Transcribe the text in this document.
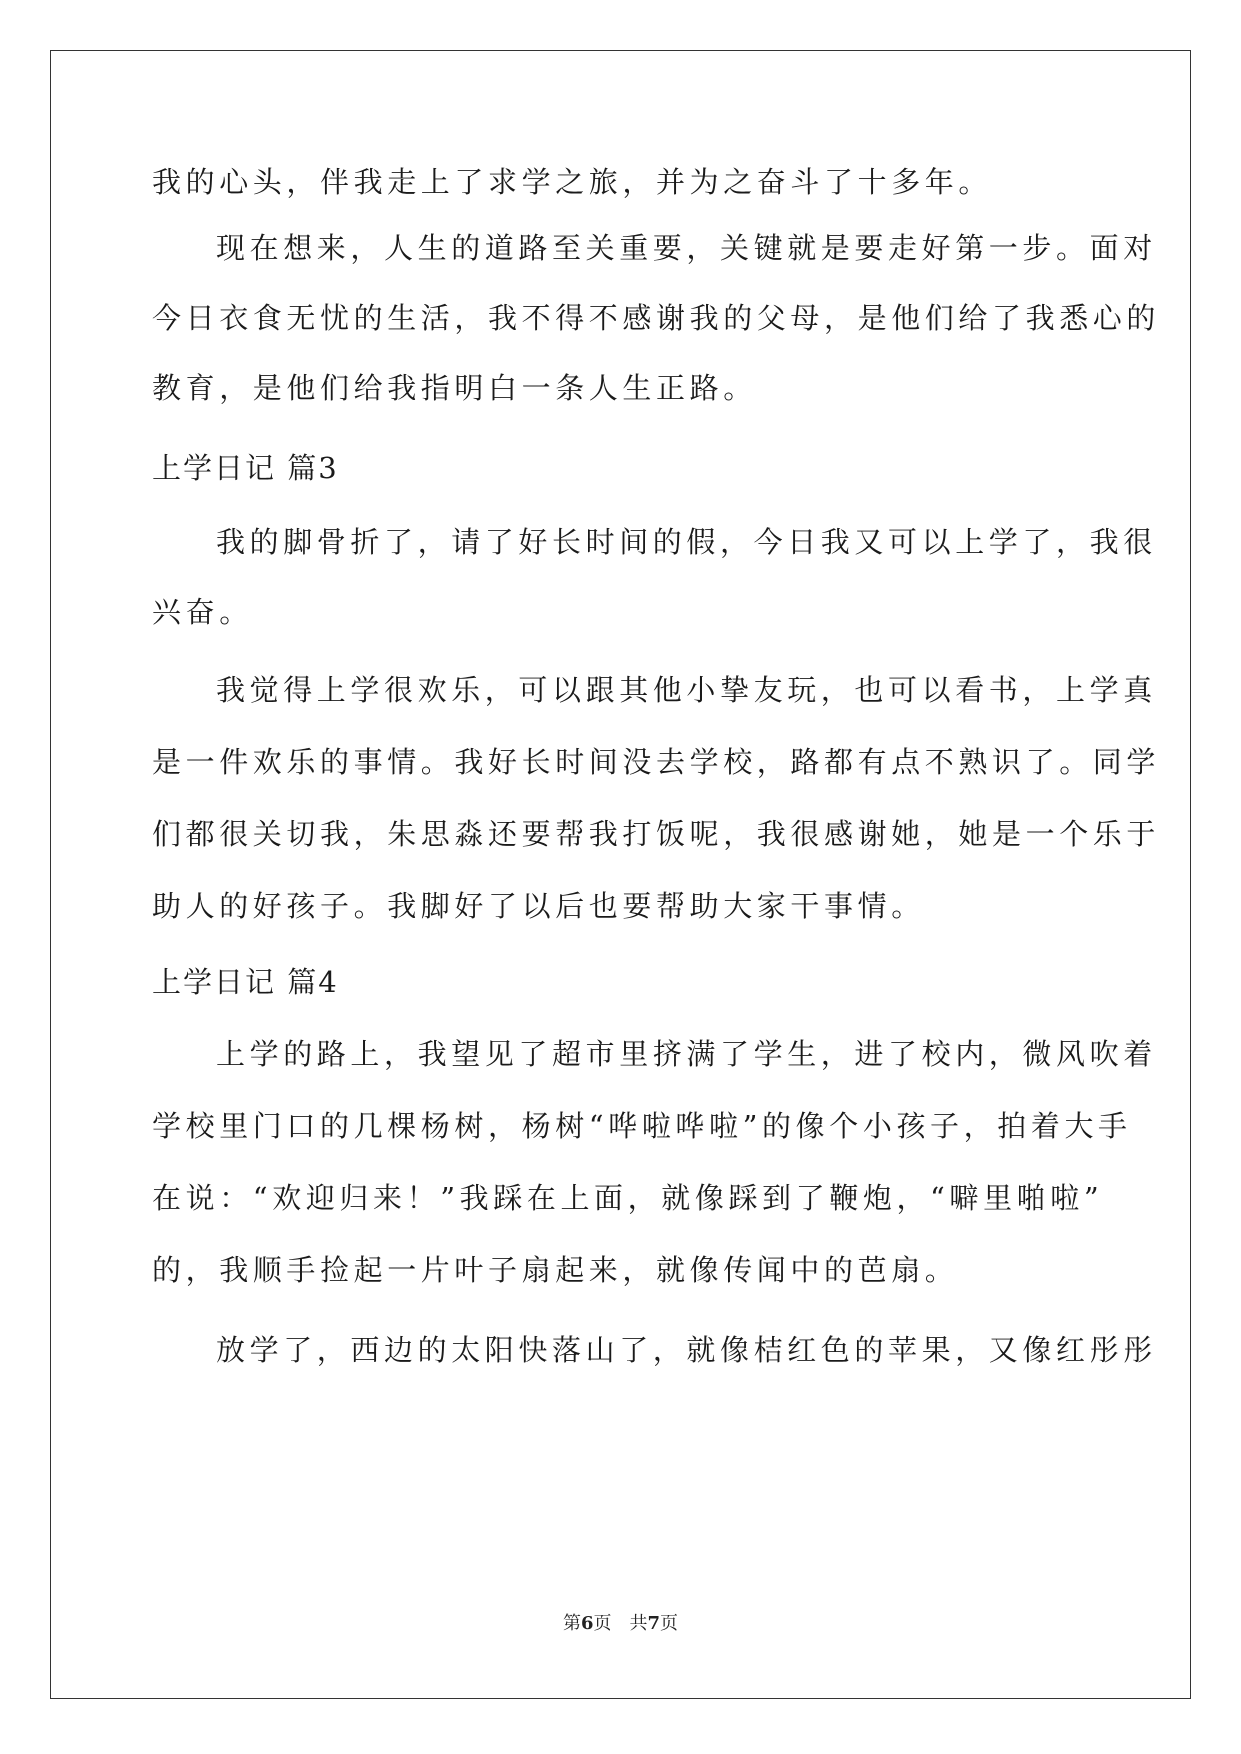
我的心头，伴我走上了求学之旅，并为之奋斗了十多年。
现在想来，人生的道路至关重要，关键就是要走好第一步。面对
今日衣食无忧的生活，我不得不感谢我的父母，是他们给了我悉心的
教育，是他们给我指明白一条人生正路。
上学日记 篇3
我的脚骨折了，请了好长时间的假，今日我又可以上学了，我很
兴奋。
我觉得上学很欢乐，可以跟其他小挚友玩，也可以看书，上学真
是一件欢乐的事情。我好长时间没去学校，路都有点不熟识了。同学
们都很关切我，朱思淼还要帮我打饭呢，我很感谢她，她是一个乐于
助人的好孩子。我脚好了以后也要帮助大家干事情。
上学日记 篇4
上学的路上，我望见了超市里挤满了学生，进了校内，微风吹着
学校里门口的几棵杨树，杨树“哗啦哗啦”的像个小孩子，拍着大手
在说：“欢迎归来！”我踩在上面，就像踩到了鞭炮，“噼里啪啦”
的，我顺手捡起一片叶子扇起来，就像传闻中的芭扇。
放学了，西边的太阳快落山了，就像桔红色的苹果，又像红彤彤
第6页　共7页
